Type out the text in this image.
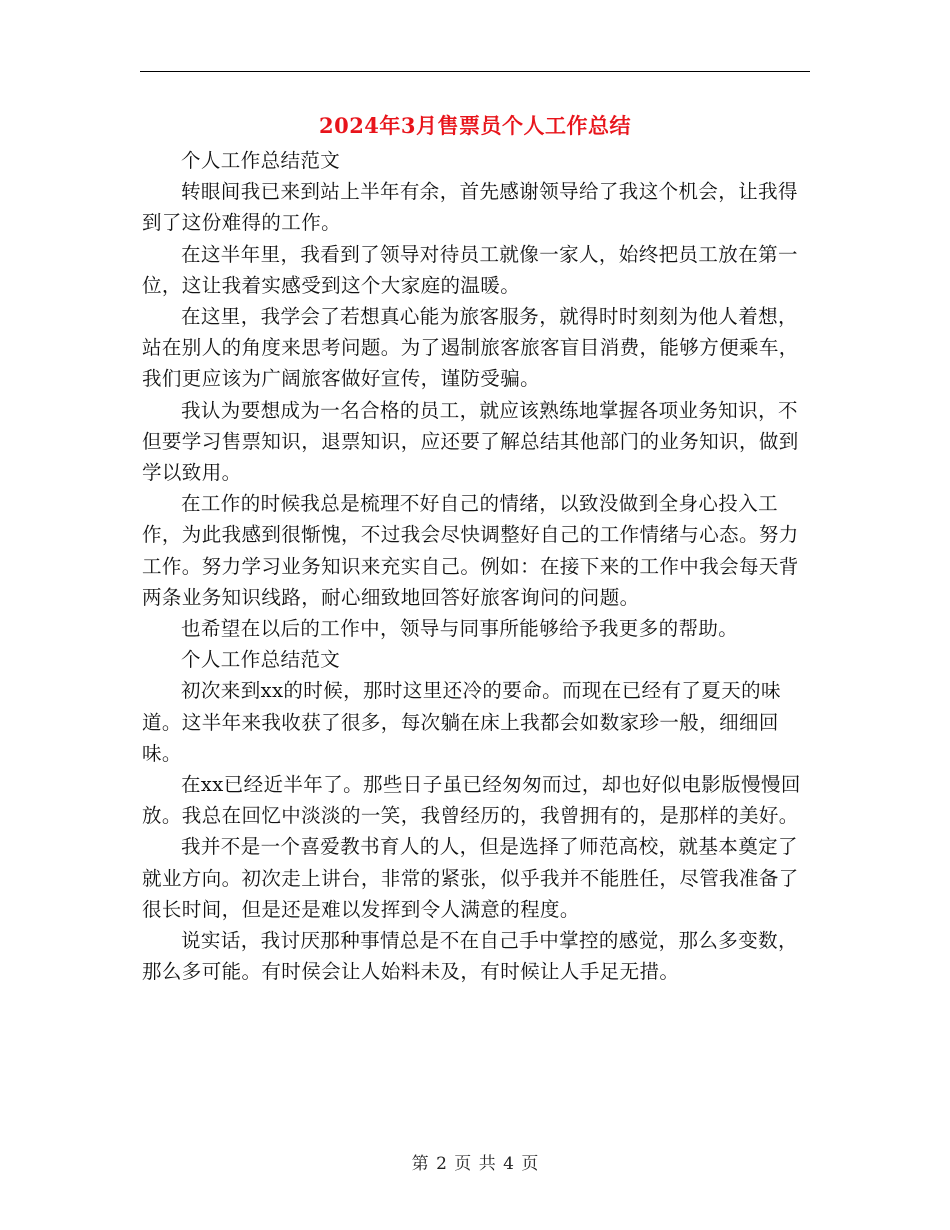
2024年3月售票员个人工作总结

个人工作总结范文

转眼间我已来到站上半年有余，首先感谢领导给了我这个机会，让我得到了这份难得的工作。

在这半年里，我看到了领导对待员工就像一家人，始终把员工放在第一位，这让我着实感受到这个大家庭的温暖。

在这里，我学会了若想真心能为旅客服务，就得时时刻刻为他人着想，站在别人的角度来思考问题。为了遏制旅客旅客盲目消费，能够方便乘车，我们更应该为广阔旅客做好宣传，谨防受骗。

我认为要想成为一名合格的员工，就应该熟练地掌握各项业务知识，不但要学习售票知识，退票知识，应还要了解总结其他部门的业务知识，做到学以致用。

在工作的时候我总是梳理不好自己的情绪，以致没做到全身心投入工作，为此我感到很惭愧，不过我会尽快调整好自己的工作情绪与心态。努力工作。努力学习业务知识来充实自己。例如：在接下来的工作中我会每天背两条业务知识线路，耐心细致地回答好旅客询问的问题。

也希望在以后的工作中，领导与同事所能够给予我更多的帮助。

个人工作总结范文

初次来到xx的时候，那时这里还冷的要命。而现在已经有了夏天的味道。这半年来我收获了很多，每次躺在床上我都会如数家珍一般，细细回味。

在xx已经近半年了。那些日子虽已经匆匆而过，却也好似电影版慢慢回放。我总在回忆中淡淡的一笑，我曾经历的，我曾拥有的，是那样的美好。

我并不是一个喜爱教书育人的人，但是选择了师范高校，就基本奠定了就业方向。初次走上讲台，非常的紧张，似乎我并不能胜任，尽管我准备了很长时间，但是还是难以发挥到令人满意的程度。

说实话，我讨厌那种事情总是不在自己手中掌控的感觉，那么多变数，那么多可能。有时侯会让人始料未及，有时候让人手足无措。

第 2 页 共 4 页
